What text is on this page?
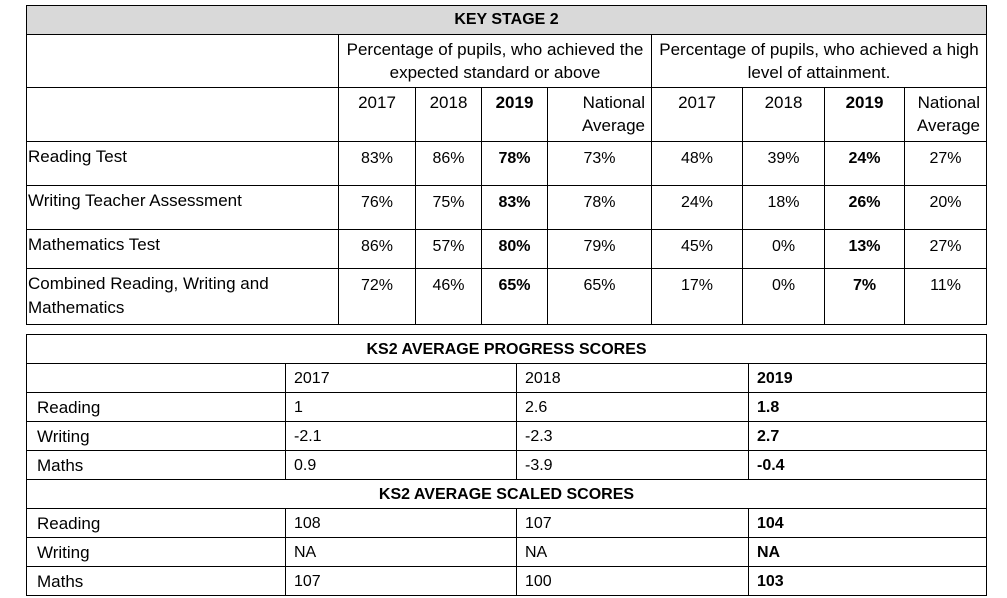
KEY STAGE 2								
	Percentage of pupils, who achieved the expected standard or above				Percentage of pupils, who achieved a high level of attainment.			
	2017	2018	2019	National Average	2017	2018	2019	National Average
Reading Test	83%	86%	78%	73%	48%	39%	24%	27%
Writing Teacher Assessment	76%	75%	83%	78%	24%	18%	26%	20%
Mathematics Test	86%	57%	80%	79%	45%	0%	13%	27%
Combined Reading, Writing and Mathematics	72%	46%	65%	65%	17%	0%	7%	11%
KS2 AVERAGE PROGRESS SCORES			
	2017	2018	2019
Reading	1	2.6	1.8
Writing	-2.1	-2.3	2.7
Maths	0.9	-3.9	-0.4
KS2 AVERAGE SCALED SCORES			
Reading	108	107	104
Writing	NA	NA	NA
Maths	107	100	103
